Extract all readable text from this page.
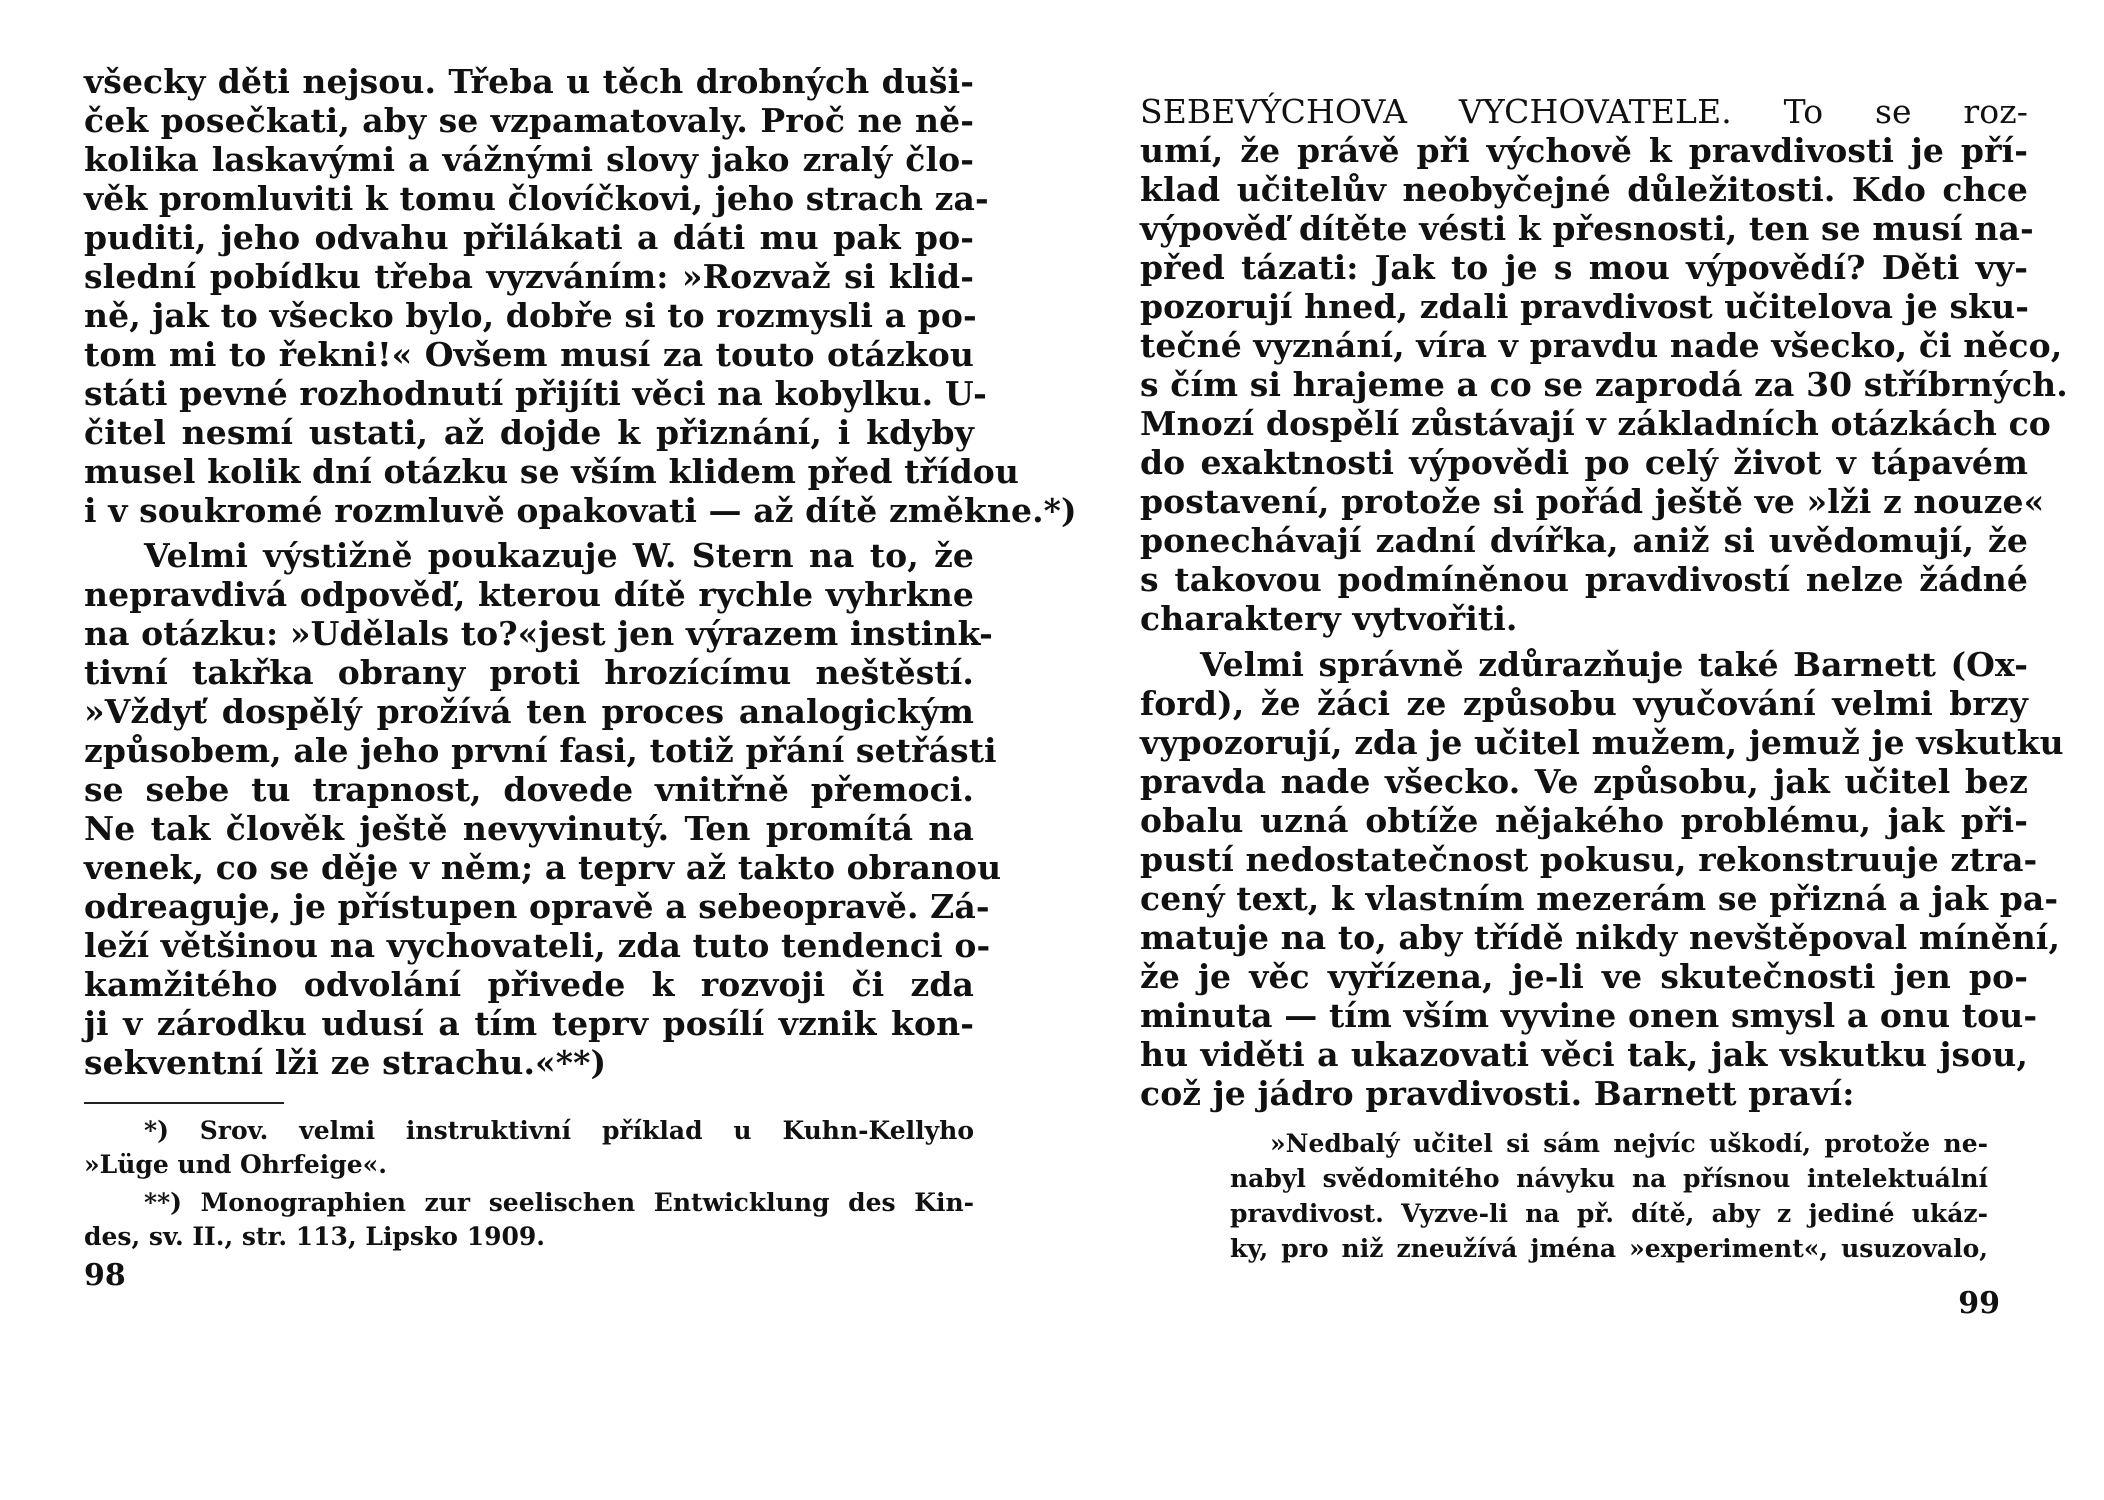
všecky děti nejsou. Třeba u těch drobných duši-
ček posečkati, aby se vzpamatovaly. Proč ne ně-
kolika laskavými a vážnými slovy jako zralý člo-
věk promluviti k tomu človíčkovi, jeho strach za-
puditi, jeho odvahu přilákati a dáti mu pak po-
slední pobídku třeba vyzváním: »Rozvaž si klid-
ně, jak to všecko bylo, dobře si to rozmysli a po-
tom mi to řekni!« Ovšem musí za touto otázkou
státi pevné rozhodnutí přijíti věci na kobylku. U-
čitel nesmí ustati, až dojde k přiznání, i kdyby
musel kolik dní otázku se vším klidem před třídou
i v soukromé rozmluvě opakovati — až dítě změkne.*)
Velmi výstižně poukazuje W. Stern na to, že
nepravdivá odpověď, kterou dítě rychle vyhrkne
na otázku: »Udělals to?«jest jen výrazem instink-
tivní takřka obrany proti hrozícímu neštěstí.
»Vždyť dospělý prožívá ten proces analogickým
způsobem, ale jeho první fasi, totiž přání setřásti
se sebe tu trapnost, dovede vnitřně přemoci.
Ne tak člověk ještě nevyvinutý. Ten promítá na
venek, co se děje v něm; a teprv až takto obranou
odreaguje, je přístupen opravě a sebeopravě. Zá-
leží většinou na vychovateli, zda tuto tendenci o-
kamžitého odvolání přivede k rozvoji či zda
ji v zárodku udusí a tím teprv posílí vznik kon-
sekventní lži ze strachu.«**)
*) Srov. velmi instruktivní příklad u Kuhn-Kellyho
»Lüge und Ohrfeige«.
**) Monographien zur seelischen Entwicklung des Kin-
des, sv. II., str. 113, Lipsko 1909.
98
SEBEVÝCHOVA VYCHOVATELE. To se roz-
umí, že právě při výchově k pravdivosti je pří-
klad učitelův neobyčejné důležitosti. Kdo chce
výpověď dítěte vésti k přesnosti, ten se musí na-
před tázati: Jak to je s mou výpovědí? Děti vy-
pozorují hned, zdali pravdivost učitelova je sku-
tečné vyznání, víra v pravdu nade všecko, či něco,
s čím si hrajeme a co se zaprodá za 30 stříbrných.
Mnozí dospělí zůstávají v základních otázkách co
do exaktnosti výpovědi po celý život v tápavém
postavení, protože si pořád ještě ve »lži z nouze«
ponechávají zadní dvířka, aniž si uvědomují, že
s takovou podmíněnou pravdivostí nelze žádné
charaktery vytvořiti.
Velmi správně zdůrazňuje také Barnett (Ox-
ford), že žáci ze způsobu vyučování velmi brzy
vypozorují, zda je učitel mužem, jemuž je vskutku
pravda nade všecko. Ve způsobu, jak učitel bez
obalu uzná obtíže nějakého problému, jak při-
pustí nedostatečnost pokusu, rekonstruuje ztra-
cený text, k vlastním mezerám se přizná a jak pa-
matuje na to, aby třídě nikdy nevštěpoval mínění,
že je věc vyřízena, je-li ve skutečnosti jen po-
minuta — tím vším vyvine onen smysl a onu tou-
hu viděti a ukazovati věci tak, jak vskutku jsou,
což je jádro pravdivosti. Barnett praví:
»Nedbalý učitel si sám nejvíc uškodí, protože ne-
nabyl svědomitého návyku na přísnou intelektuální
pravdivost. Vyzve-li na př. dítě, aby z jediné ukáz-
ky, pro niž zneužívá jména »experiment«, usuzovalo,
99
